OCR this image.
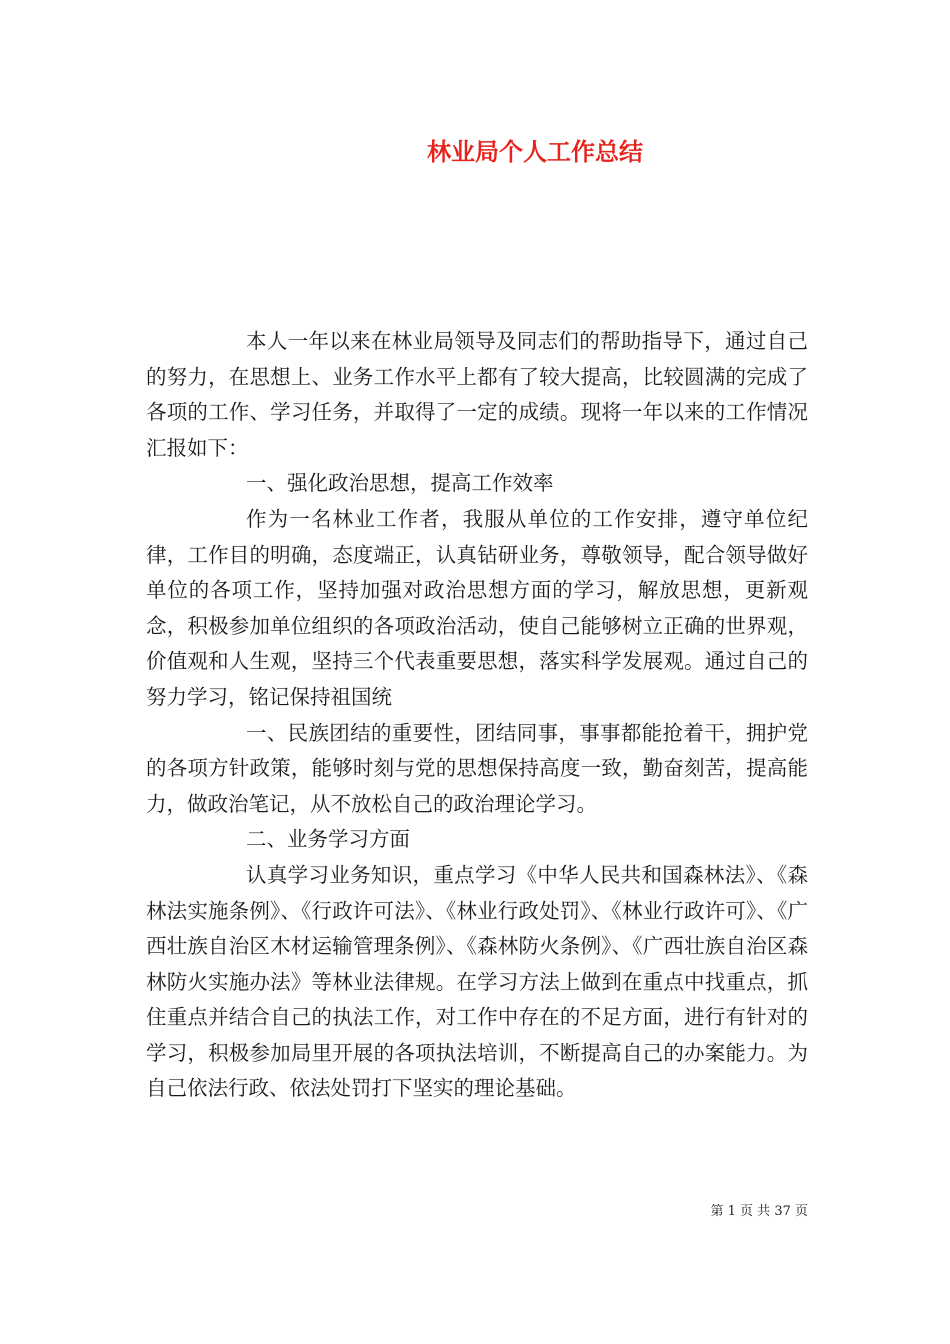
林业局个人工作总结

本人一年以来在林业局领导及同志们的帮助指导下，通过自己的努力，在思想上、业务工作水平上都有了较大提高，比较圆满的完成了各项的工作、学习任务，并取得了一定的成绩。现将一年以来的工作情况汇报如下：

一、强化政治思想，提高工作效率

作为一名林业工作者，我服从单位的工作安排，遵守单位纪律，工作目的明确，态度端正，认真钻研业务，尊敬领导，配合领导做好单位的各项工作，坚持加强对政治思想方面的学习，解放思想，更新观念，积极参加单位组织的各项政治活动，使自己能够树立正确的世界观，价值观和人生观，坚持三个代表重要思想，落实科学发展观。通过自己的努力学习，铭记保持祖国统

一、民族团结的重要性，团结同事，事事都能抢着干，拥护党的各项方针政策，能够时刻与党的思想保持高度一致，勤奋刻苦，提高能力，做政治笔记，从不放松自己的政治理论学习。

二、业务学习方面

认真学习业务知识，重点学习《中华人民共和国森林法》、《森林法实施条例》、《行政许可法》、《林业行政处罚》、《林业行政许可》、《广西壮族自治区木材运输管理条例》、《森林防火条例》、《广西壮族自治区森林防火实施办法》等林业法律规。在学习方法上做到在重点中找重点，抓住重点并结合自己的执法工作，对工作中存在的不足方面，进行有针对的学习，积极参加局里开展的各项执法培训，不断提高自己的办案能力。为自己依法行政、依法处罚打下坚实的理论基础。

第 1 页 共 37 页
